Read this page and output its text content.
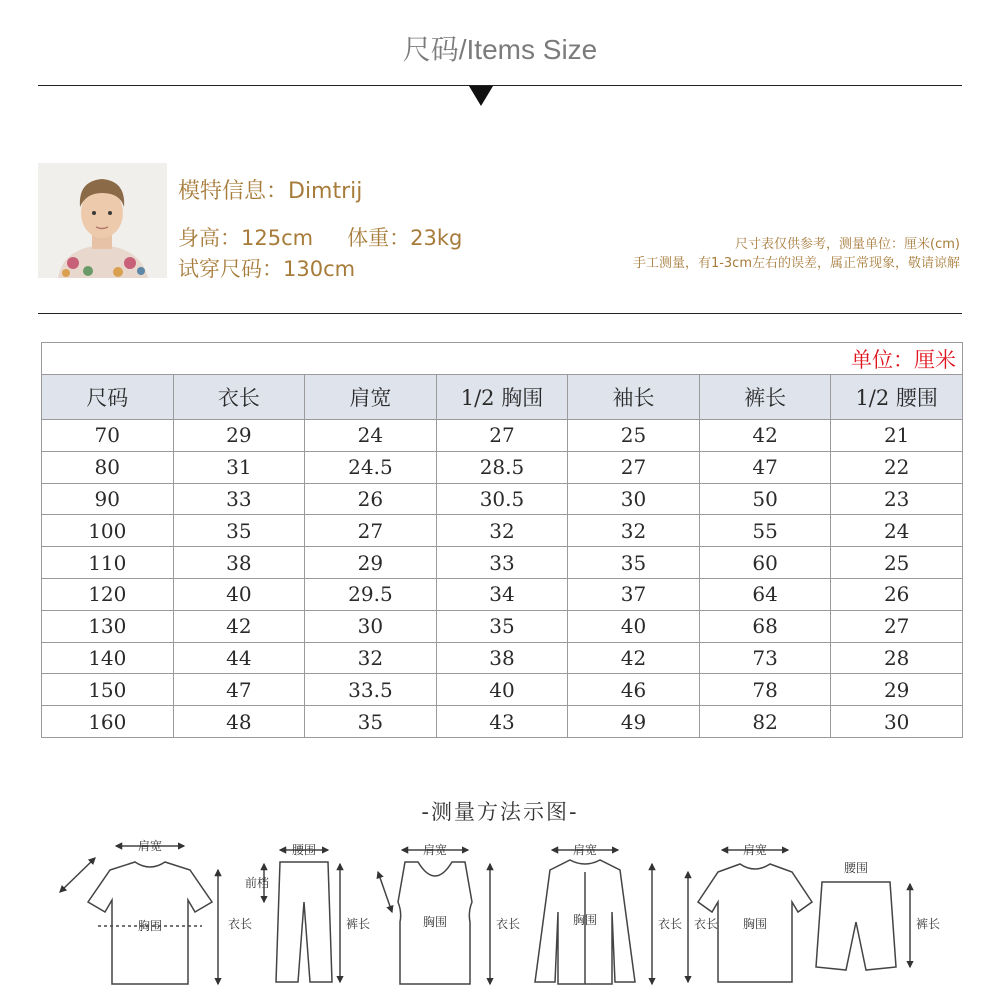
尺码/Items Size
模特信息：Dimtrij
身高：125cm 体重：23kg
试穿尺码：130cm
尺寸表仅供参考，测量单位：厘米(cm)
手工测量，有1-3cm左右的误差，属正常现象，敬请谅解
单位：厘米						
尺码	衣长	肩宽	1/2 胸围	袖长	裤长	1/2 腰围
70	29	24	27	25	42	21
80	31	24.5	28.5	27	47	22
90	33	26	30.5	30	50	23
100	35	27	32	32	55	24
110	38	29	33	35	60	25
120	40	29.5	34	37	64	26
130	42	30	35	40	68	27
140	44	32	38	42	73	28
150	47	33.5	40	46	78	29
160	48	35	43	49	82	30
-测量方法示图-
肩宽
胸围	衣长
腰围
前档
裤长
肩宽
胸围	衣长
肩宽
胸围	衣长
肩宽
胸围
衣长
腰围
裤长
